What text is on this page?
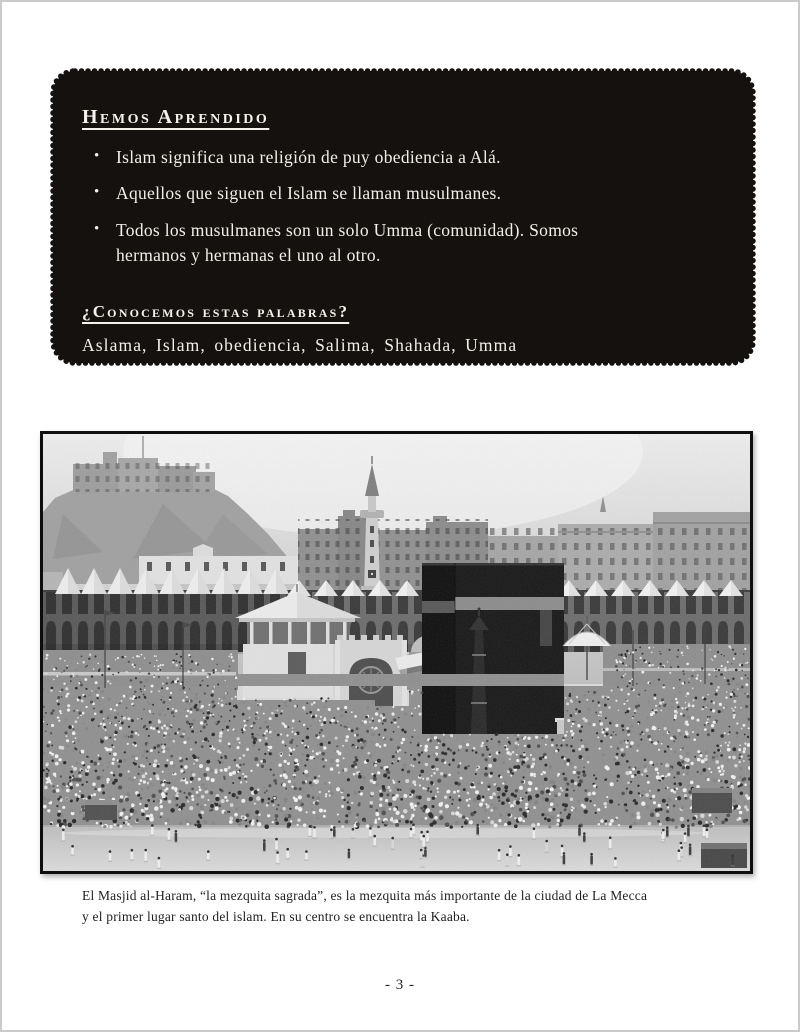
Hemos Aprendido
• Islam significa una religión de puy obediencia a Alá.
• Aquellos que siguen el Islam se llaman musulmanes.
• Todos los musulmanes son un solo Umma (comunidad). Somos hermanos y hermanas el uno al otro.
¿Conocemos estas palabras?
Aslama, Islam, obediencia, Salima, Shahada, Umma
El Masjid al-Haram, “la mezquita sagrada”, es la mezquita más importante de la ciudad de La Mecca
y el primer lugar santo del islam. En su centro se encuentra la Kaaba.
- 3 -
